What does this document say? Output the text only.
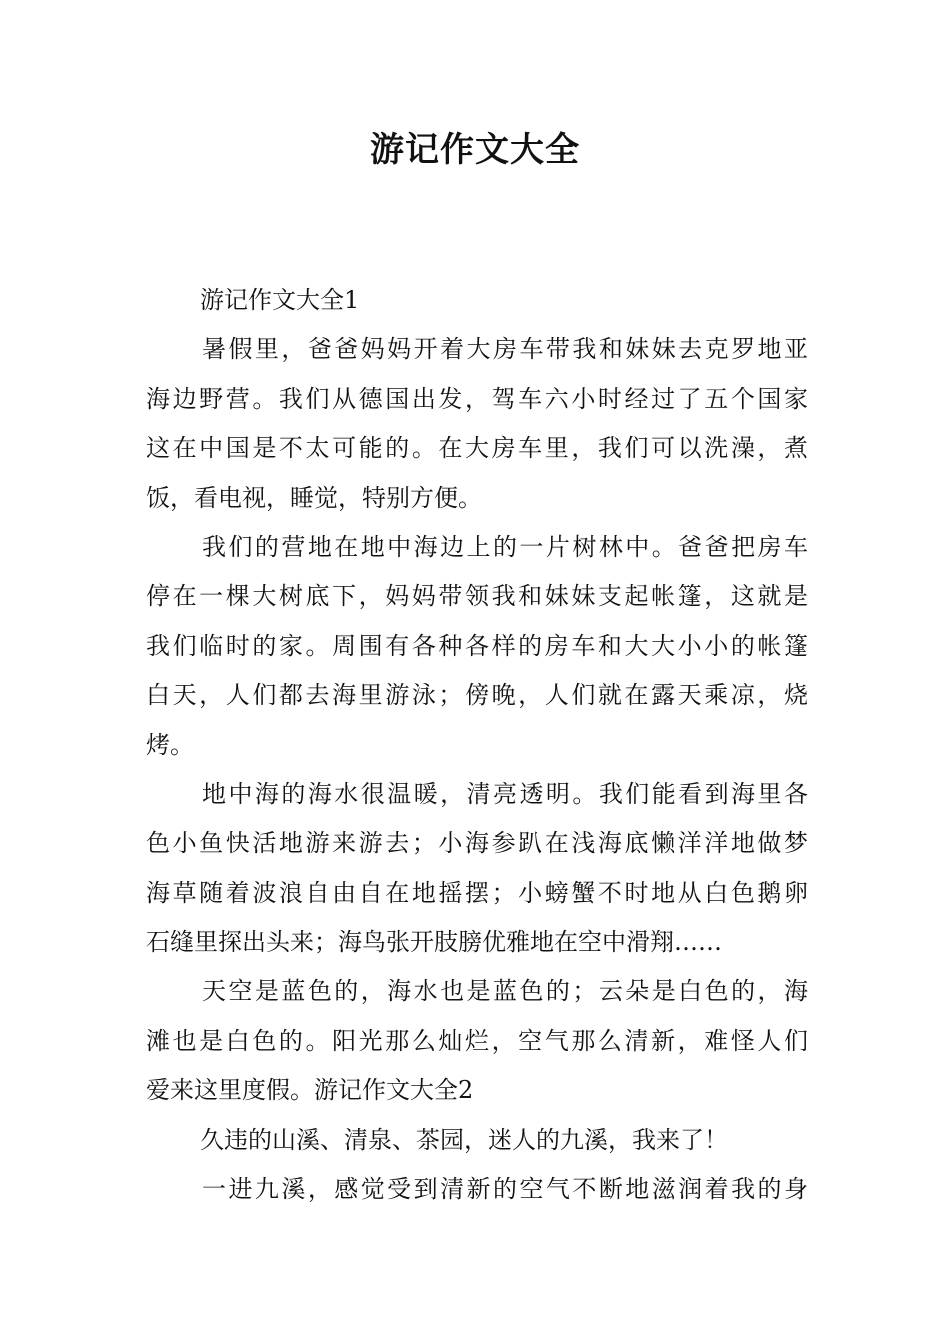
游记作文大全
游记作文大全1
暑假里，爸爸妈妈开着大房车带我和妹妹去克罗地亚
海边野营。我们从德国出发，驾车六小时经过了五个国家
这在中国是不太可能的。在大房车里，我们可以洗澡，煮
饭，看电视，睡觉，特别方便。
我们的营地在地中海边上的一片树林中。爸爸把房车
停在一棵大树底下，妈妈带领我和妹妹支起帐篷，这就是
我们临时的家。周围有各种各样的房车和大大小小的帐篷
白天，人们都去海里游泳；傍晚，人们就在露天乘凉，烧
烤。
地中海的海水很温暖，清亮透明。我们能看到海里各
色小鱼快活地游来游去；小海参趴在浅海底懒洋洋地做梦
海草随着波浪自由自在地摇摆；小螃蟹不时地从白色鹅卵
石缝里探出头来；海鸟张开肢膀优雅地在空中滑翔……
天空是蓝色的，海水也是蓝色的；云朵是白色的，海
滩也是白色的。阳光那么灿烂，空气那么清新，难怪人们
爱来这里度假。游记作文大全2
久违的山溪、清泉、茶园，迷人的九溪，我来了！
一进九溪，感觉受到清新的空气不断地滋润着我的身
